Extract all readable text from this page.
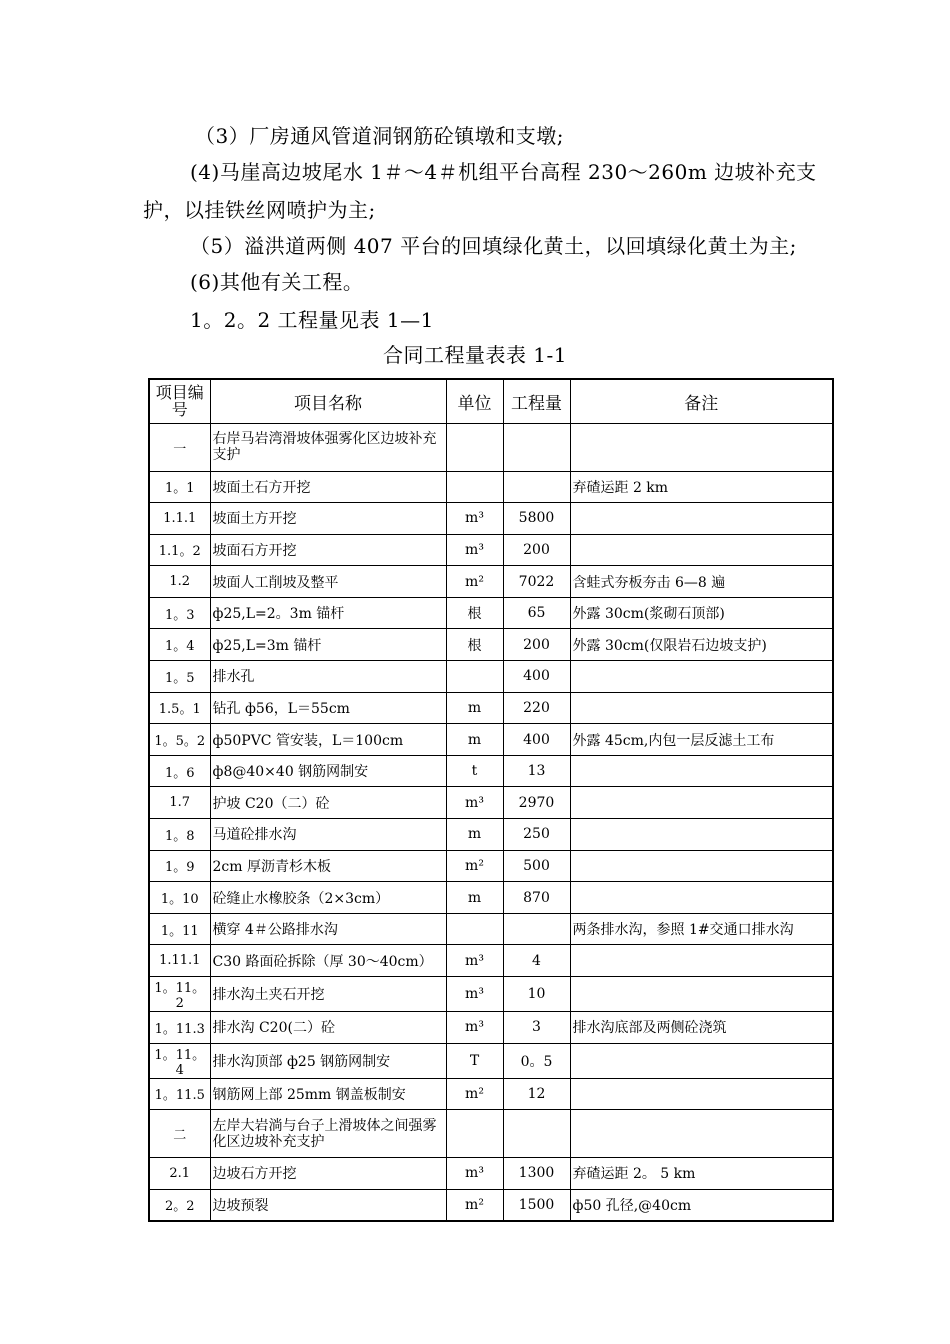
（3）厂房通风管道洞钢筋砼镇墩和支墩;
(4)马崖高边坡尾水 1＃～4＃机组平台高程 230～260m 边坡补充支
护，以挂铁丝网喷护为主;
（5）溢洪道两侧 407 平台的回填绿化黄土，以回填绿化黄土为主;
(6)其他有关工程。
1。2。2 工程量见表 1—1
合同工程量表表 1-1
项目编号	项目名称	单位	工程量	备注
一	右岸马岩湾滑坡体强雾化区边坡补充支护			
1。1	坡面土石方开挖			弃碴运距 2 km
1.1.1	坡面土方开挖	m³	5800	
1.1。2	坡面石方开挖	m³	200	
1.2	坡面人工削坡及整平	m²	7022	含蛙式夯板夯击 6—8 遍
1。3	ф25,L=2。3m 锚杆	根	65	外露 30cm(浆砌石顶部)
1。4	ф25,L=3m 锚杆	根	200	外露 30cm(仅限岩石边坡支护)
1。5	排水孔		400	
1.5。1	钻孔 ф56，L＝55cm	m	220	
1。5。2	ф50PVC 管安装，L＝100cm	m	400	外露 45cm,内包一层反滤土工布
1。6	ф8@40×40 钢筋网制安	t	13	
1.7	护坡 C20（二）砼	m³	2970	
1。8	马道砼排水沟	m	250	
1。9	2cm 厚沥青杉木板	m²	500	
1。10	砼缝止水橡胶条（2×3cm）	m	870	
1。11	横穿 4＃公路排水沟			两条排水沟，参照 1#交通口排水沟
1.11.1	C30 路面砼拆除（厚 30～40cm）	m³	4	
1。11。2	排水沟土夹石开挖	m³	10	
1。11.3	排水沟 C20(二）砼	m³	3	排水沟底部及两侧砼浇筑
1。11。4	排水沟顶部 ф25 钢筋网制安	T	0。5	
1。11.5	钢筋网上部 25mm 钢盖板制安	m²	12	
二	左岸大岩淌与台子上滑坡体之间强雾化区边坡补充支护			
2.1	边坡石方开挖	m³	1300	弃碴运距 2。 5 km
2。2	边坡预裂	m²	1500	ф50 孔径,@40cm
